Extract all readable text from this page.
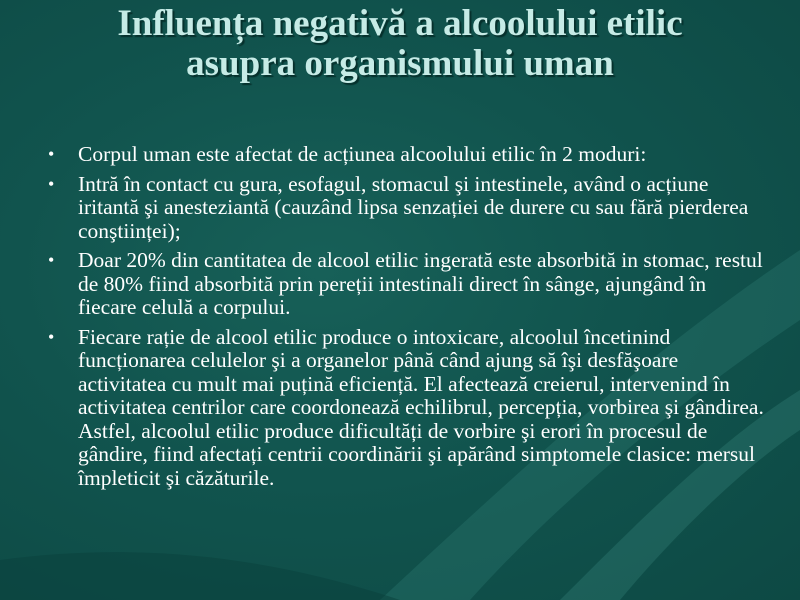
Influența negativă a alcoolului etilic
asupra organismului uman
• Corpul uman este afectat de acțiunea alcoolului etilic în 2 moduri:
• Intră în contact cu gura, esofagul, stomacul şi intestinele, având o acțiune iritantă şi anesteziantă (cauzând lipsa senzației de durere cu sau fără pierderea conştiinței);
• Doar 20% din cantitatea de alcool etilic ingerată este absorbită in stomac, restul de 80% fiind absorbită prin pereții intestinali direct în sânge, ajungând în fiecare celulă a corpului.
• Fiecare rație de alcool etilic produce o intoxicare, alcoolul încetinind funcționarea celulelor şi a organelor până când ajung să îşi desfăşoare activitatea cu mult mai puțină eficiență. El afectează creierul, intervenind în activitatea centrilor care coordonează echilibrul, percepția, vorbirea şi gândirea. Astfel, alcoolul etilic produce dificultăți de vorbire şi erori în procesul de gândire, fiind afectați centrii coordinării şi apărând simptomele clasice: mersul împleticit şi căzăturile.
